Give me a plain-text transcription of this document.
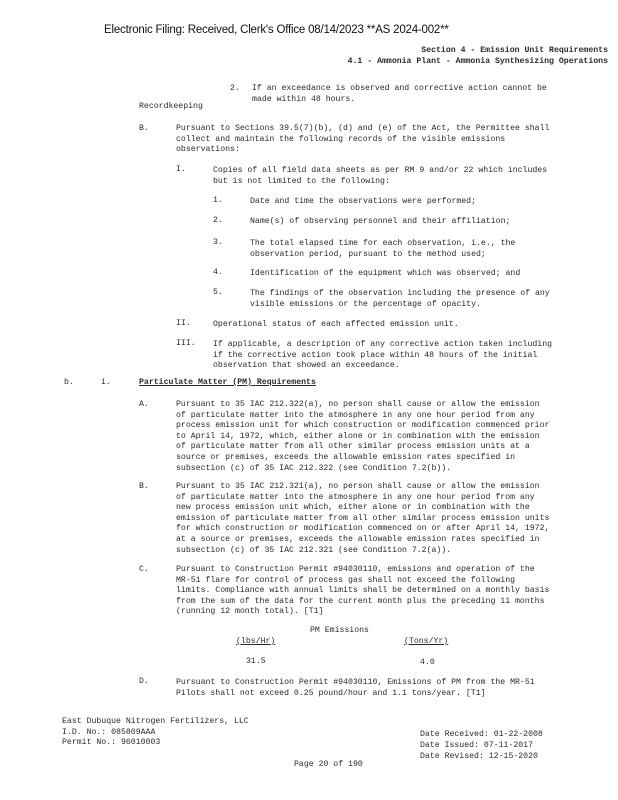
Electronic Filing: Received, Clerk's Office 08/14/2023 **AS 2024-002**
Section 4 - Emission Unit Requirements
4.1 - Ammonia Plant - Ammonia Synthesizing Operations
2. If an exceedance is observed and corrective action cannot be
made within 48 hours.
Recordkeeping
B.	Pursuant to Sections 39.5(7)(b), (d) and (e) of the Act, the Permittee shall
collect and maintain the following records of the visible emissions
observations:
I.	Copies of all field data sheets as per RM 9 and/or 22 which includes
but is not limited to the following:
1.	Date and time the observations were performed;
2.	Name(s) of observing personnel and their affiliation;
3.	The total elapsed time for each observation, i.e., the
observation period, pursuant to the method used;
4.	Identification of the equipment which was observed; and
5.	The findings of the observation including the presence of any
visible emissions or the percentage of opacity.
II.	Operational status of each affected emission unit.
III. If applicable, a description of any corrective action taken including
if the corrective action took place within 48 hours of the initial
observation that showed an exceedance.
b.	i.	Particulate Matter (PM) Requirements
A.	Pursuant to 35 IAC 212.322(a), no person shall cause or allow the emission
of particulate matter into the atmosphere in any one hour period from any
process emission unit for which construction or modification commenced prior
to April 14, 1972, which, either alone or in combination with the emission
of particulate matter from all other similar process emission units at a
source or premises, exceeds the allowable emission rates specified in
subsection (c) of 35 IAC 212.322 (see Condition 7.2(b)).
B.	Pursuant to 35 IAC 212.321(a), no person shall cause or allow the emission
of particulate matter into the atmosphere in any one hour period from any
new process emission unit which, either alone or in combination with the
emission of particulate matter from all other similar process emission units
for which construction or modification commenced on or after April 14, 1972,
at a source or premises, exceeds the allowable emission rates specified in
subsection (c) of 35 IAC 212.321 (see Condition 7.2(a)).
C.	Pursuant to Construction Permit #94030110, emissions and operation of the
MR-51 flare for control of process gas shall not exceed the following
limits. Compliance with annual limits shall be determined on a monthly basis
from the sum of the data for the current month plus the preceding 11 months
(running 12 month total). [T1]
PM Emissions
(lbs/Hr)	(Tons/Yr)
31.5	4.0
D.	Pursuant to Construction Permit #94030110, Emissions of PM from the MR-51
Pilots shall not exceed 0.25 pound/hour and 1.1 tons/year. [T1]
East Dubuque Nitrogen Fertilizers, LLC
I.D. No.: 085809AAA
Permit No.: 96010003
Date Received: 01-22-2008
Date Issued: 07-11-2017
Date Revised: 12-15-2020
Page 20 of 190
